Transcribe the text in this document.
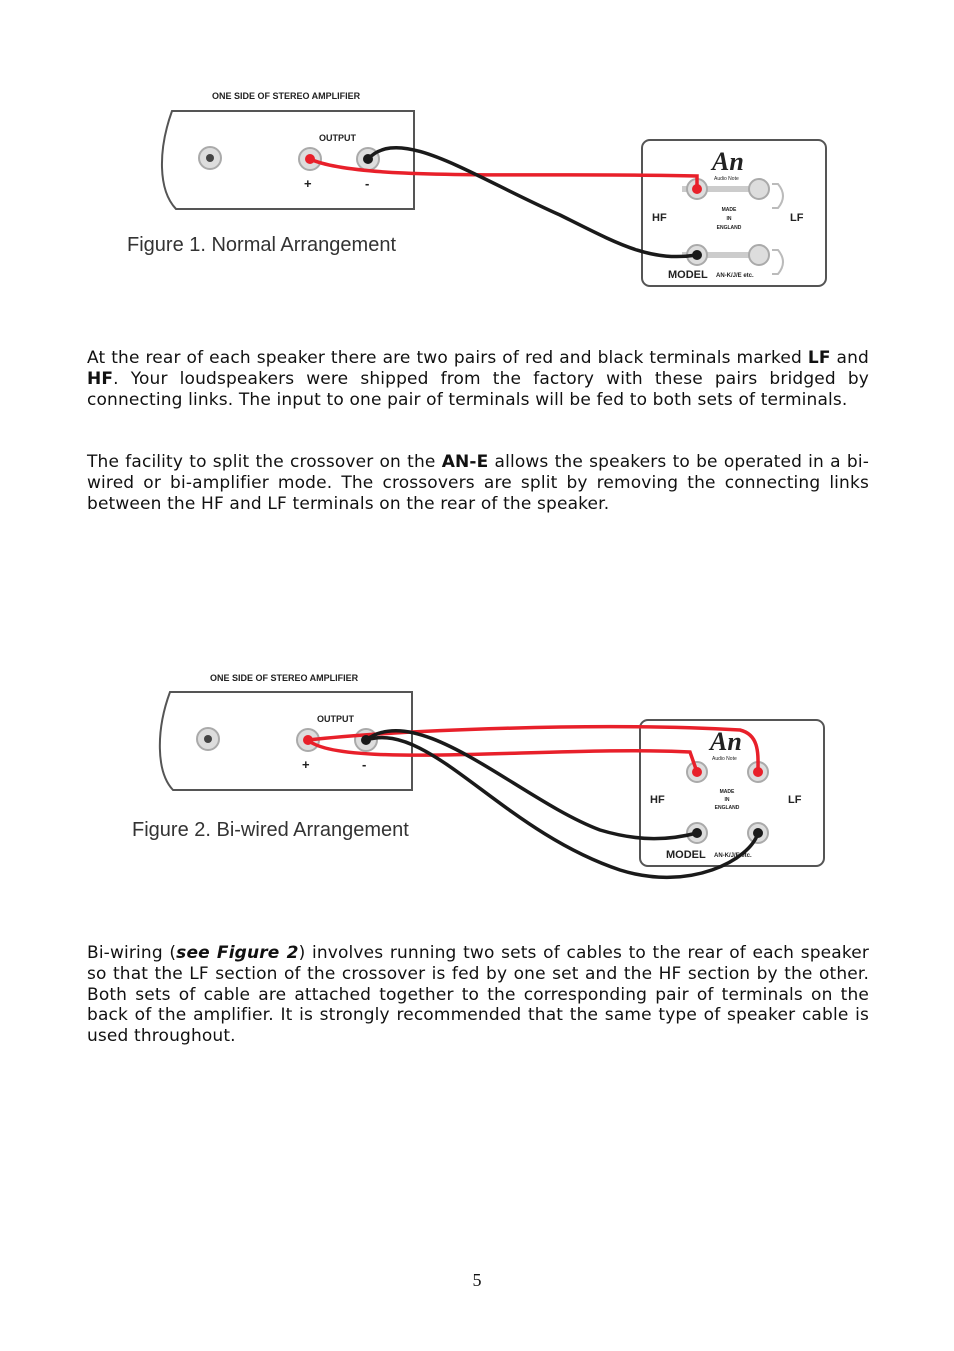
ONE SIDE OF STEREO AMPLIFIER
OUTPUT
+	-
An
Audio Note
HF	LF
MADE
IN
ENGLAND
MODEL AN-K/J/E etc.
Figure 1. Normal Arrangement

At the rear of each speaker there are two pairs of red and black terminals marked LF and HF. Your loudspeakers were shipped from the factory with these pairs bridged by connecting links. The input to one pair of terminals will be fed to both sets of terminals.

The facility to split the crossover on the AN-E allows the speakers to be operated in a bi-wired or bi-amplifier mode. The crossovers are split by removing the connecting links between the HF and LF terminals on the rear of the speaker.

ONE SIDE OF STEREO AMPLIFIER
OUTPUT
+	-
An
Audio Note
HF	LF
MADE
IN
ENGLAND
MODEL AN-K/J/E etc.
Figure 2. Bi-wired Arrangement

Bi-wiring (see Figure 2) involves running two sets of cables to the rear of each speaker so that the LF section of the crossover is fed by one set and the HF section by the other. Both sets of cable are attached together to the corresponding pair of terminals on the back of the amplifier. It is strongly recommended that the same type of speaker cable is used throughout.

5
